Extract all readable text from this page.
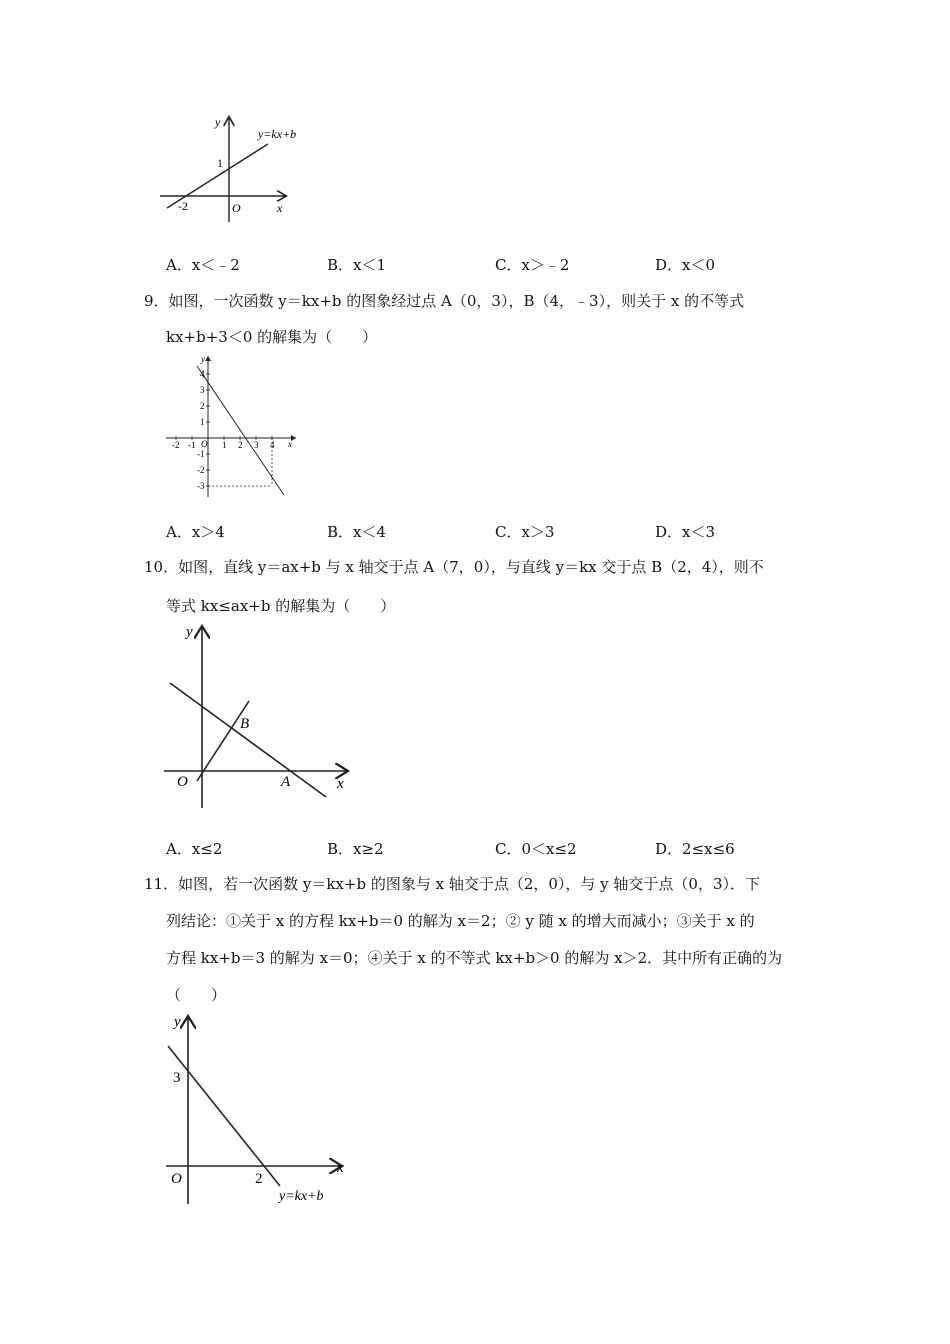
y
y=kx+b
1
-2	O	x
A．x＜﹣2	B．x＜1	C．x＞﹣2	D．x＜0
9．如图，一次函数 y＝kx+b 的图象经过点 A（0，3），B（4，﹣3），则关于 x 的不等式
kx+b+3＜0 的解集为（　　）
y
x
O
-2 -1	1 2 3 4
4
3
2
1
-1
-2
-3
A．x＞4	B．x＜4	C．x＞3	D．x＜3
10．如图，直线 y＝ax+b 与 x 轴交于点 A（7，0），与直线 y＝kx 交于点 B（2，4），则不
等式 kx≤ax+b 的解集为（　　）
y
x
O
B
A
A．x≤2	B．x≥2	C．0＜x≤2	D．2≤x≤6
11．如图，若一次函数 y＝kx+b 的图象与 x 轴交于点（2，0），与 y 轴交于点（0，3）．下
列结论：①关于 x 的方程 kx+b＝0 的解为 x＝2；② y 随 x 的增大而减小；③关于 x 的
方程 kx+b＝3 的解为 x＝0；④关于 x 的不等式 kx+b＞0 的解为 x＞2．其中所有正确的为
（　　）
y
x
O
3
2
y=kx+b
